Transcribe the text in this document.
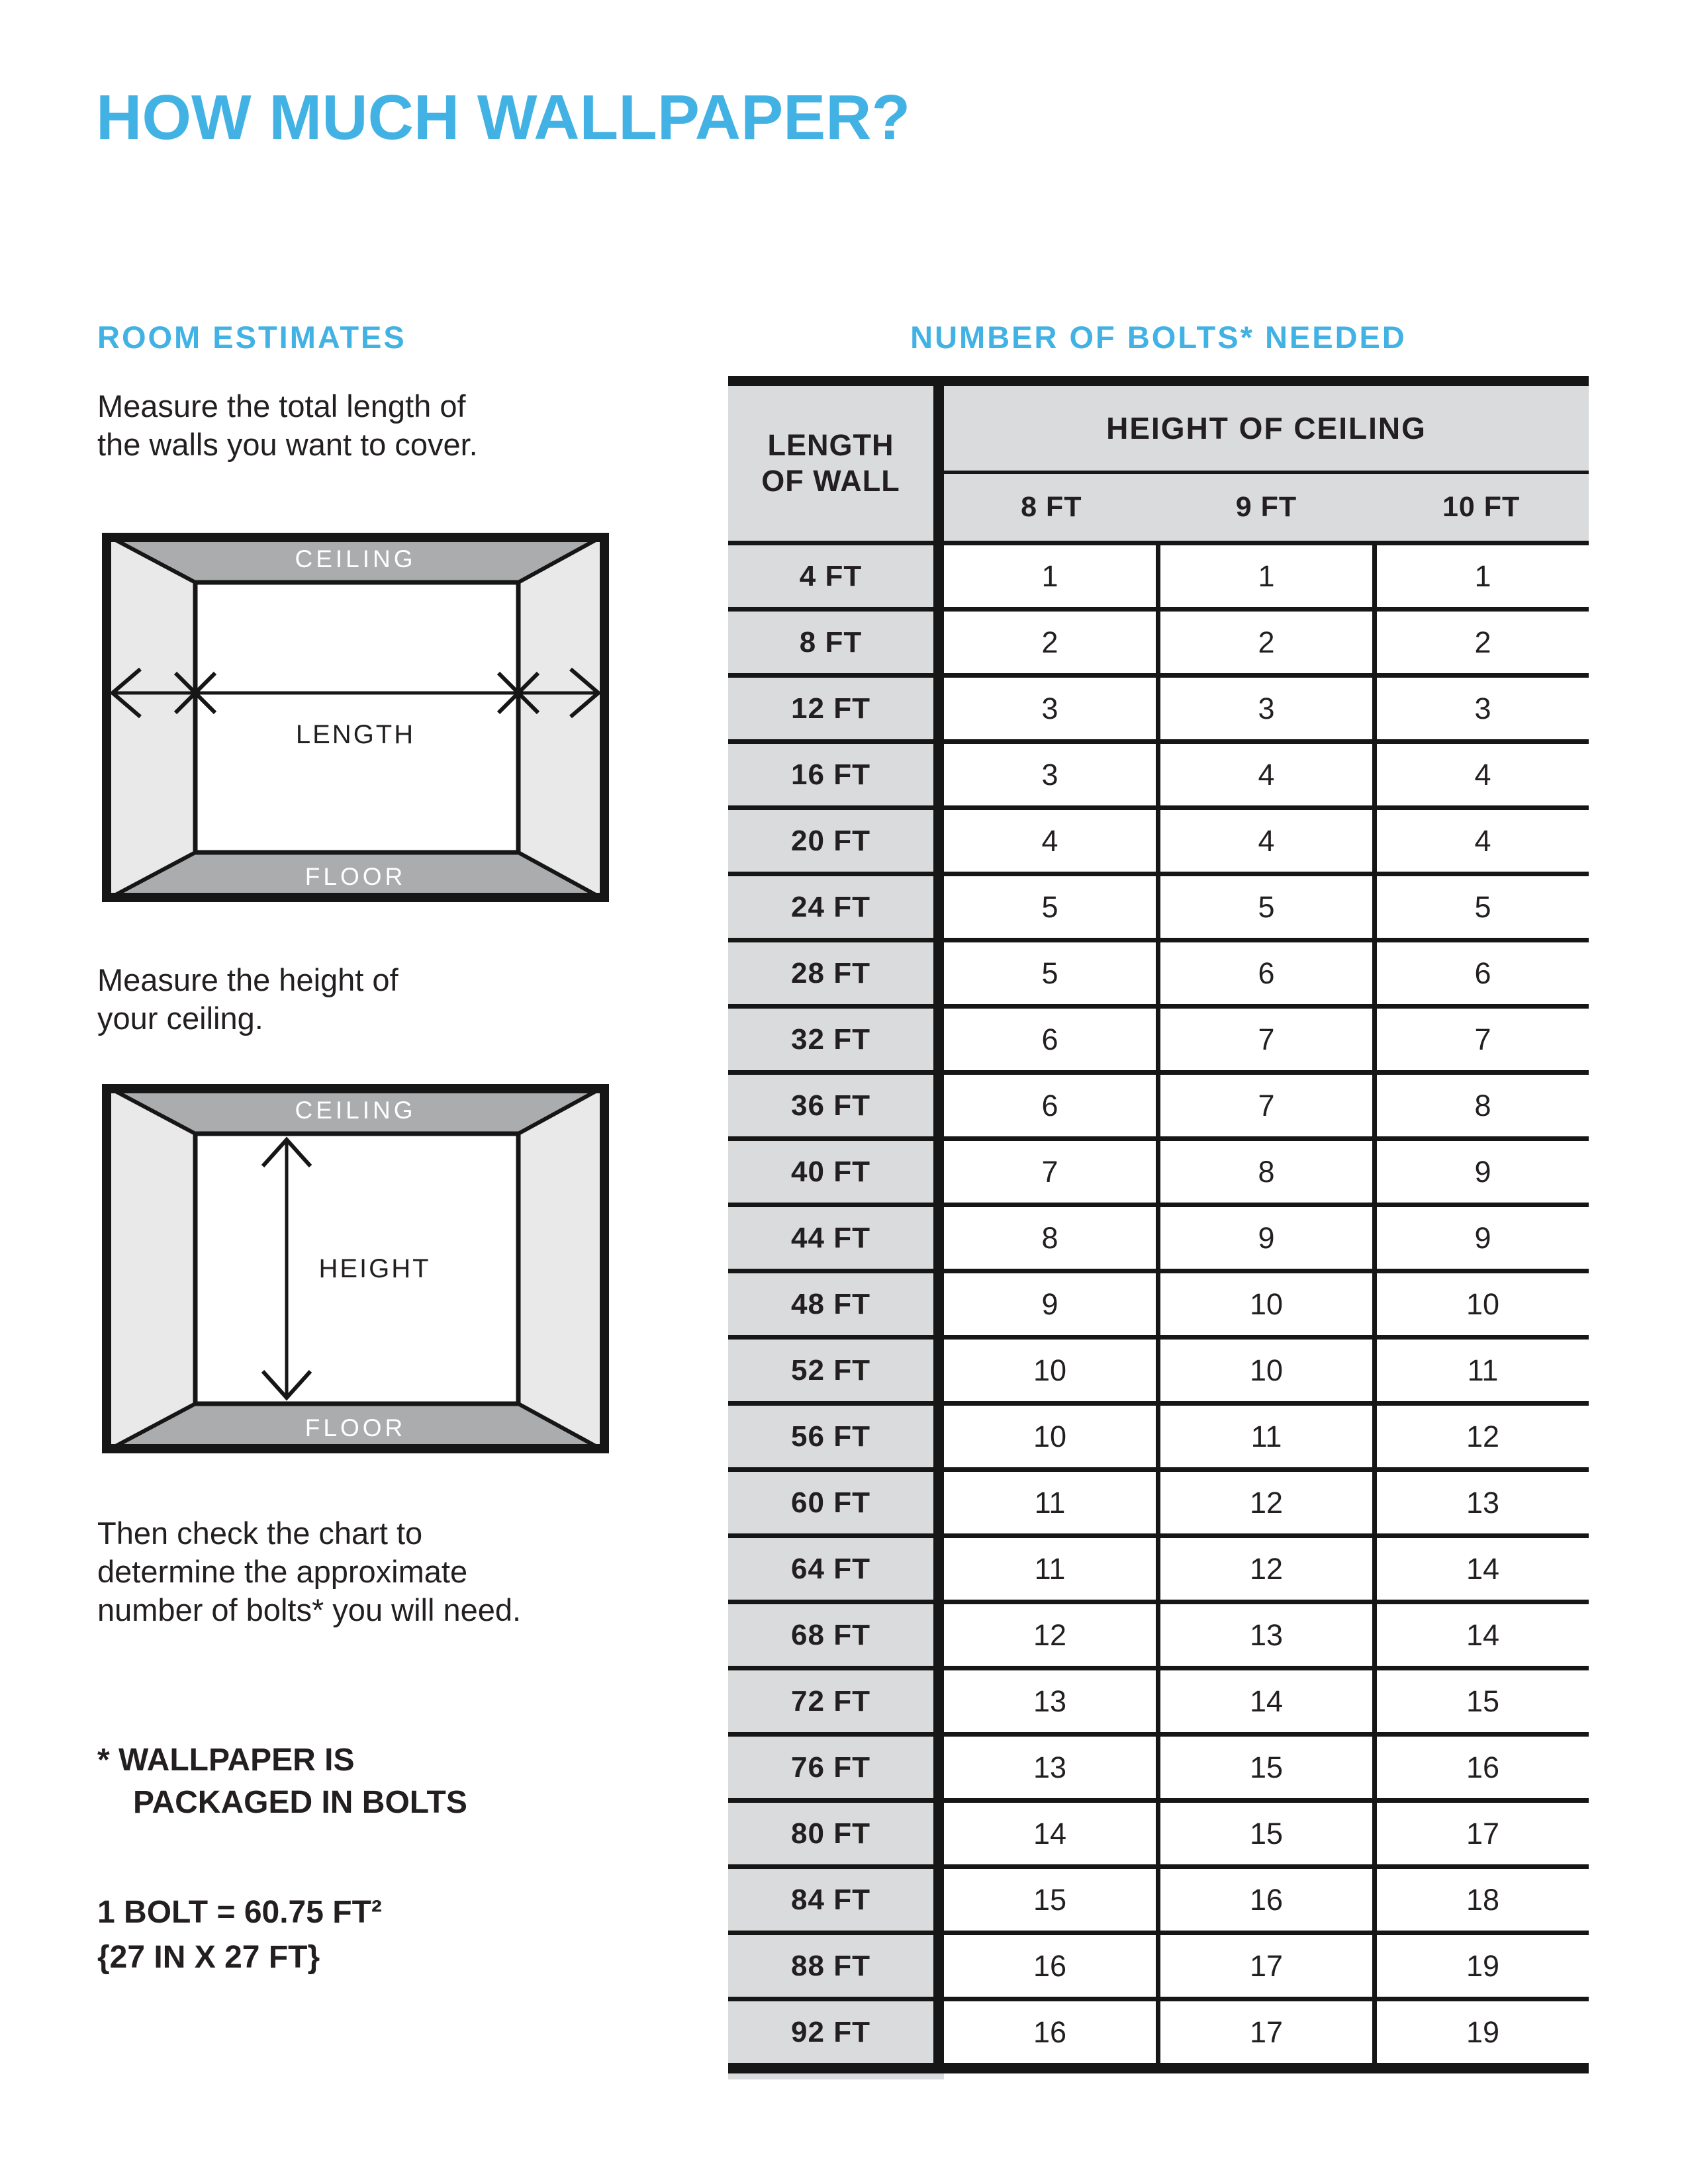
HOW MUCH WALLPAPER?
ROOM ESTIMATES
Measure the total length of
the walls you want to cover.
CEILING
FLOOR
LENGTH
Measure the height of
your ceiling.
CEILING
FLOOR
HEIGHT
Then check the chart to
determine the approximate
number of bolts* you will need.
* WALLPAPER IS
PACKAGED IN BOLTS
1 BOLT = 60.75 FT²
{27 IN X 27 FT}
NUMBER OF BOLTS* NEEDED
LENGTH
OF WALL
HEIGHT OF CEILING
8 FT	9 FT	10 FT
4 FT	1	1	1
8 FT	2	2	2
12 FT	3	3	3
16 FT	3	4	4
20 FT	4	4	4
24 FT	5	5	5
28 FT	5	6	6
32 FT	6	7	7
36 FT	6	7	8
40 FT	7	8	9
44 FT	8	9	9
48 FT	9	10	10
52 FT	10	10	11
56 FT	10	11	12
60 FT	11	12	13
64 FT	11	12	14
68 FT	12	13	14
72 FT	13	14	15
76 FT	13	15	16
80 FT	14	15	17
84 FT	15	16	18
88 FT	16	17	19
92 FT	16	17	19
